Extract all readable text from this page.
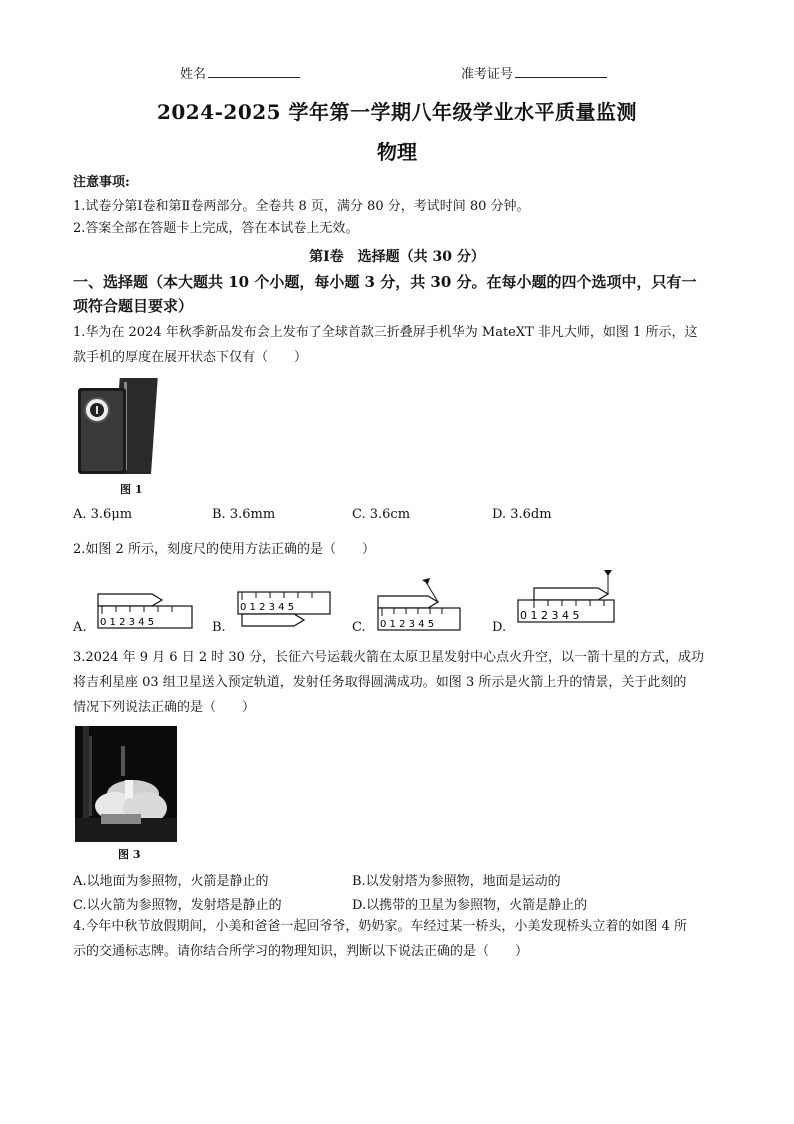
姓名	准考证号
2024-2025 学年第一学期八年级学业水平质量监测
物理
注意事项:
1.试卷分第Ⅰ卷和第Ⅱ卷两部分。全卷共 8 页，满分 80 分，考试时间 80 分钟。
2.答案全部在答题卡上完成，答在本试卷上无效。
第Ⅰ卷　选择题（共 30 分）
一、选择题（本大题共 10 个小题，每小题 3 分，共 30 分。在每小题的四个选项中，只有一
项符合题目要求）
1.华为在 2024 年秋季新品发布会上发布了全球首款三折叠屏手机华为 MateXT 非凡大师，如图 1 所示，这
款手机的厚度在展开状态下仅有（　　）
图 1
A. 3.6μm	B. 3.6mm	C. 3.6cm	D. 3.6dm
2.如图 2 所示，刻度尺的使用方法正确的是（　　）
A. 0 1 2 3 4 5	B.
0 1 2 3 4 5
C. 0 1 2 3 4 5	D.
0 1 2 3 4 5
3.2024 年 9 月 6 日 2 时 30 分，长征六号运载火箭在太原卫星发射中心点火升空，以一箭十星的方式，成功
将吉利星座 03 组卫星送入预定轨道，发射任务取得圆满成功。如图 3 所示是火箭上升的情景，关于此刻的
情况下列说法正确的是（　　）
图 3
A.以地面为参照物，火箭是静止的	B.以发射塔为参照物，地面是运动的
C.以火箭为参照物，发射塔是静止的	D.以携带的卫星为参照物，火箭是静止的
4.今年中秋节放假期间，小美和爸爸一起回爷爷，奶奶家。车经过某一桥头，小美发现桥头立着的如图 4 所
示的交通标志牌。请你结合所学习的物理知识，判断以下说法正确的是（　　）
